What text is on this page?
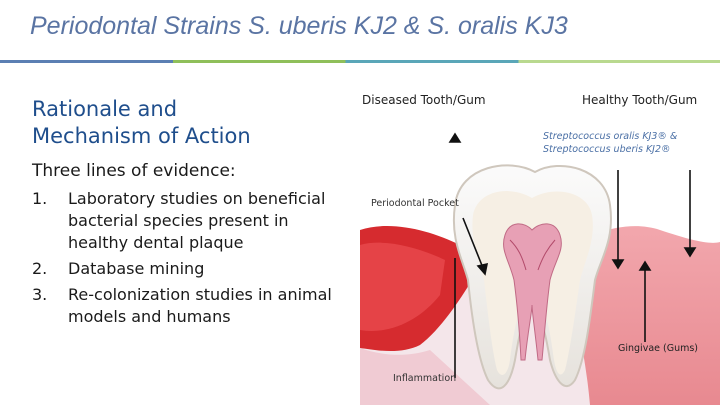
Periodontal Strains S. uberis KJ2 & S. oralis KJ3
Rationale and
Mechanism of Action
Three lines of evidence:
1.	Laboratory studies on beneficial bacterial species present in healthy dental plaque
2.	Database mining
3.	Re-colonization studies in animal models and humans
Diseased Tooth/Gum	Healthy Tooth/Gum
Streptococcus oralis KJ3® &
Streptococcus uberis KJ2®
Periodontal Pocket
Gingivae (Gums)
Inflammation
